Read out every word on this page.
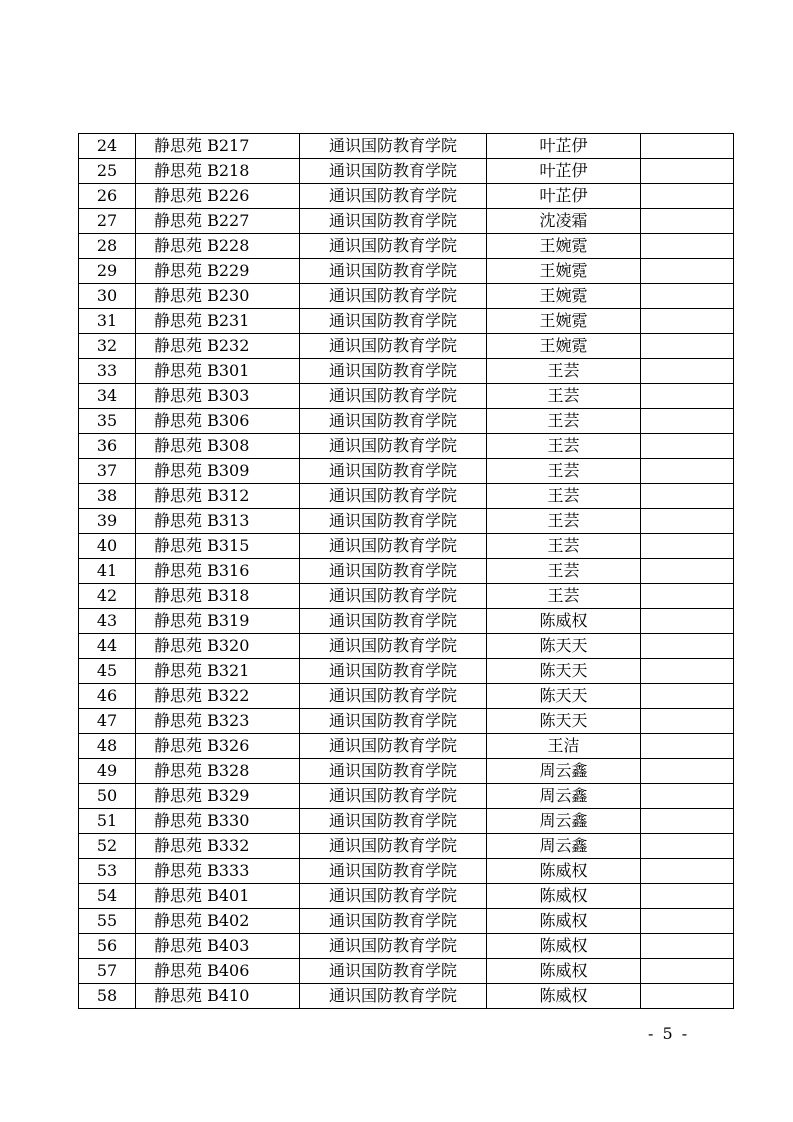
24	静思苑 B217	通识国防教育学院	叶芷伊	
25	静思苑 B218	通识国防教育学院	叶芷伊	
26	静思苑 B226	通识国防教育学院	叶芷伊	
27	静思苑 B227	通识国防教育学院	沈凌霜	
28	静思苑 B228	通识国防教育学院	王婉霓	
29	静思苑 B229	通识国防教育学院	王婉霓	
30	静思苑 B230	通识国防教育学院	王婉霓	
31	静思苑 B231	通识国防教育学院	王婉霓	
32	静思苑 B232	通识国防教育学院	王婉霓	
33	静思苑 B301	通识国防教育学院	王芸	
34	静思苑 B303	通识国防教育学院	王芸	
35	静思苑 B306	通识国防教育学院	王芸	
36	静思苑 B308	通识国防教育学院	王芸	
37	静思苑 B309	通识国防教育学院	王芸	
38	静思苑 B312	通识国防教育学院	王芸	
39	静思苑 B313	通识国防教育学院	王芸	
40	静思苑 B315	通识国防教育学院	王芸	
41	静思苑 B316	通识国防教育学院	王芸	
42	静思苑 B318	通识国防教育学院	王芸	
43	静思苑 B319	通识国防教育学院	陈威权	
44	静思苑 B320	通识国防教育学院	陈天天	
45	静思苑 B321	通识国防教育学院	陈天天	
46	静思苑 B322	通识国防教育学院	陈天天	
47	静思苑 B323	通识国防教育学院	陈天天	
48	静思苑 B326	通识国防教育学院	王洁	
49	静思苑 B328	通识国防教育学院	周云鑫	
50	静思苑 B329	通识国防教育学院	周云鑫	
51	静思苑 B330	通识国防教育学院	周云鑫	
52	静思苑 B332	通识国防教育学院	周云鑫	
53	静思苑 B333	通识国防教育学院	陈威权	
54	静思苑 B401	通识国防教育学院	陈威权	
55	静思苑 B402	通识国防教育学院	陈威权	
56	静思苑 B403	通识国防教育学院	陈威权	
57	静思苑 B406	通识国防教育学院	陈威权	
58	静思苑 B410	通识国防教育学院	陈威权	
- 5 -
